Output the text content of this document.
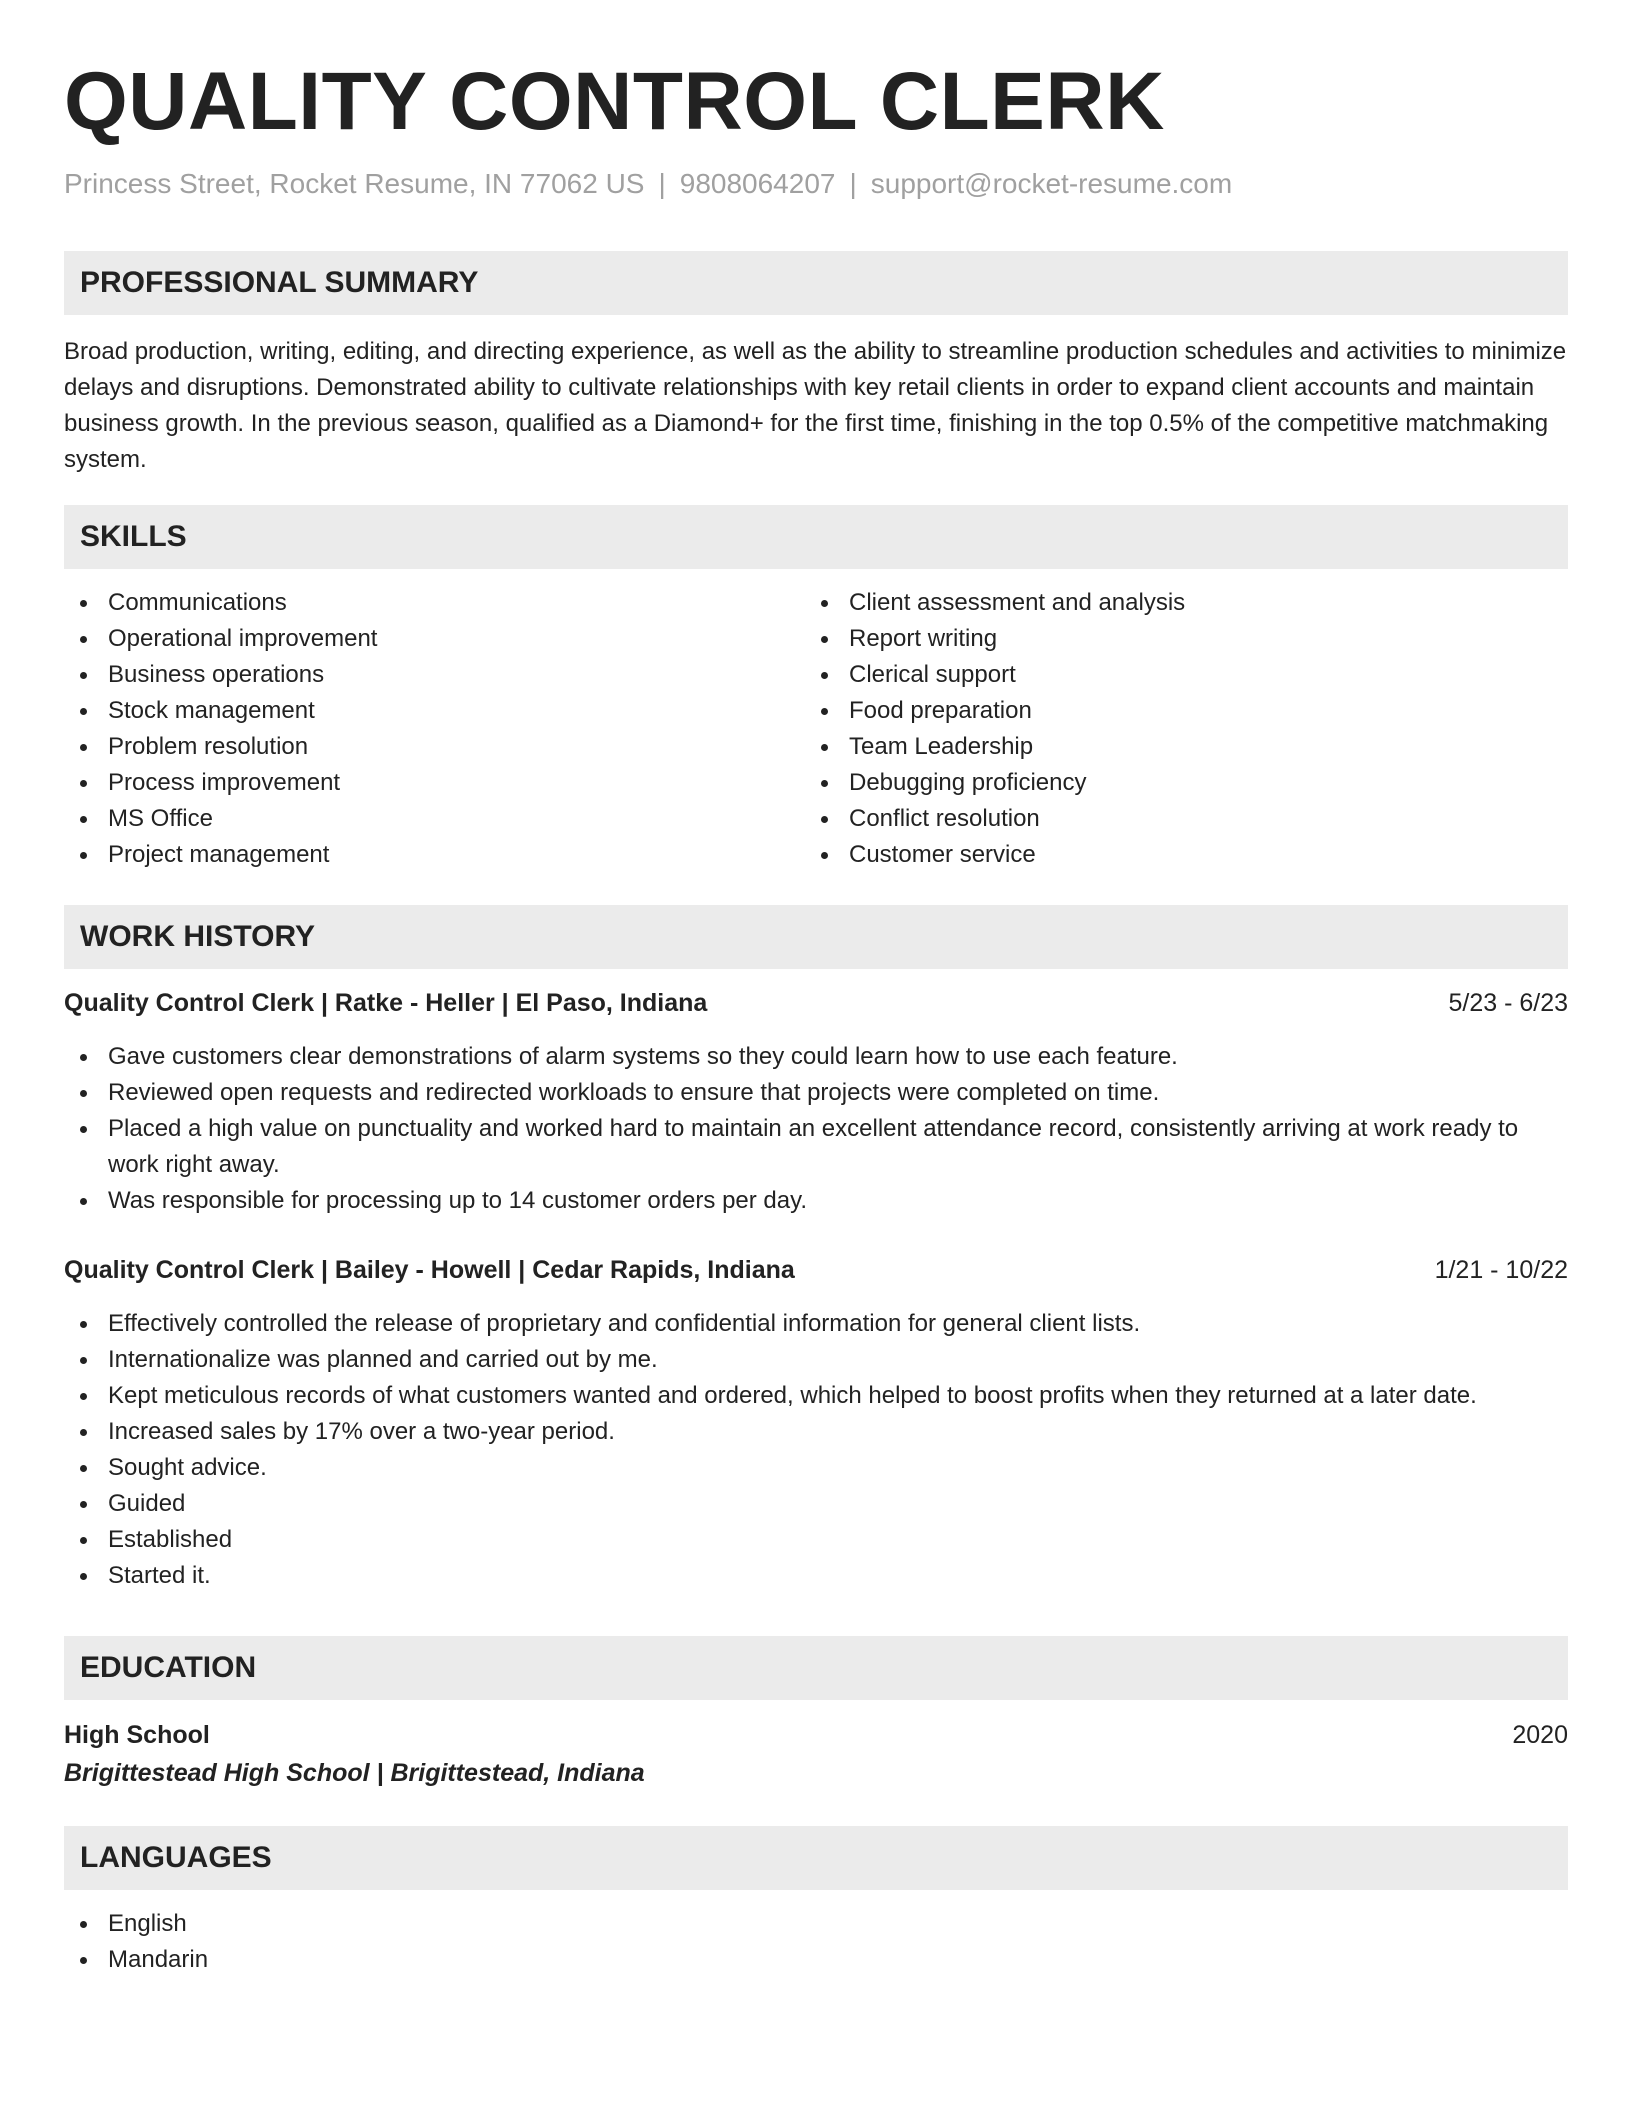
QUALITY CONTROL CLERK
Princess Street, Rocket Resume, IN 77062 US | 9808064207 | support@rocket-resume.com
PROFESSIONAL SUMMARY

Broad production, writing, editing, and directing experience, as well as the ability to streamline production schedules and activities to minimize delays and disruptions. Demonstrated ability to cultivate relationships with key retail clients in order to expand client accounts and maintain business growth. In the previous season, qualified as a Diamond+ for the first time, finishing in the top 0.5% of the competitive matchmaking system.

SKILLS
Communications
Operational improvement
Business operations
Stock management
Problem resolution
Process improvement
MS Office
Project management
Client assessment and analysis
Report writing
Clerical support
Food preparation
Team Leadership
Debugging proficiency
Conflict resolution
Customer service
WORK HISTORY
Quality Control Clerk | Ratke - Heller | El Paso, Indiana	5/23 - 6/23
Gave customers clear demonstrations of alarm systems so they could learn how to use each feature.
Reviewed open requests and redirected workloads to ensure that projects were completed on time.
Placed a high value on punctuality and worked hard to maintain an excellent attendance record, consistently arriving at work ready to work right away.
Was responsible for processing up to 14 customer orders per day.
Quality Control Clerk | Bailey - Howell | Cedar Rapids, Indiana	1/21 - 10/22
Effectively controlled the release of proprietary and confidential information for general client lists.
Internationalize was planned and carried out by me.
Kept meticulous records of what customers wanted and ordered, which helped to boost profits when they returned at a later date.
Increased sales by 17% over a two-year period.
Sought advice.
Guided
Established
Started it.
EDUCATION
High School	2020
Brigittestead High School | Brigittestead, Indiana
LANGUAGES
English
Mandarin
